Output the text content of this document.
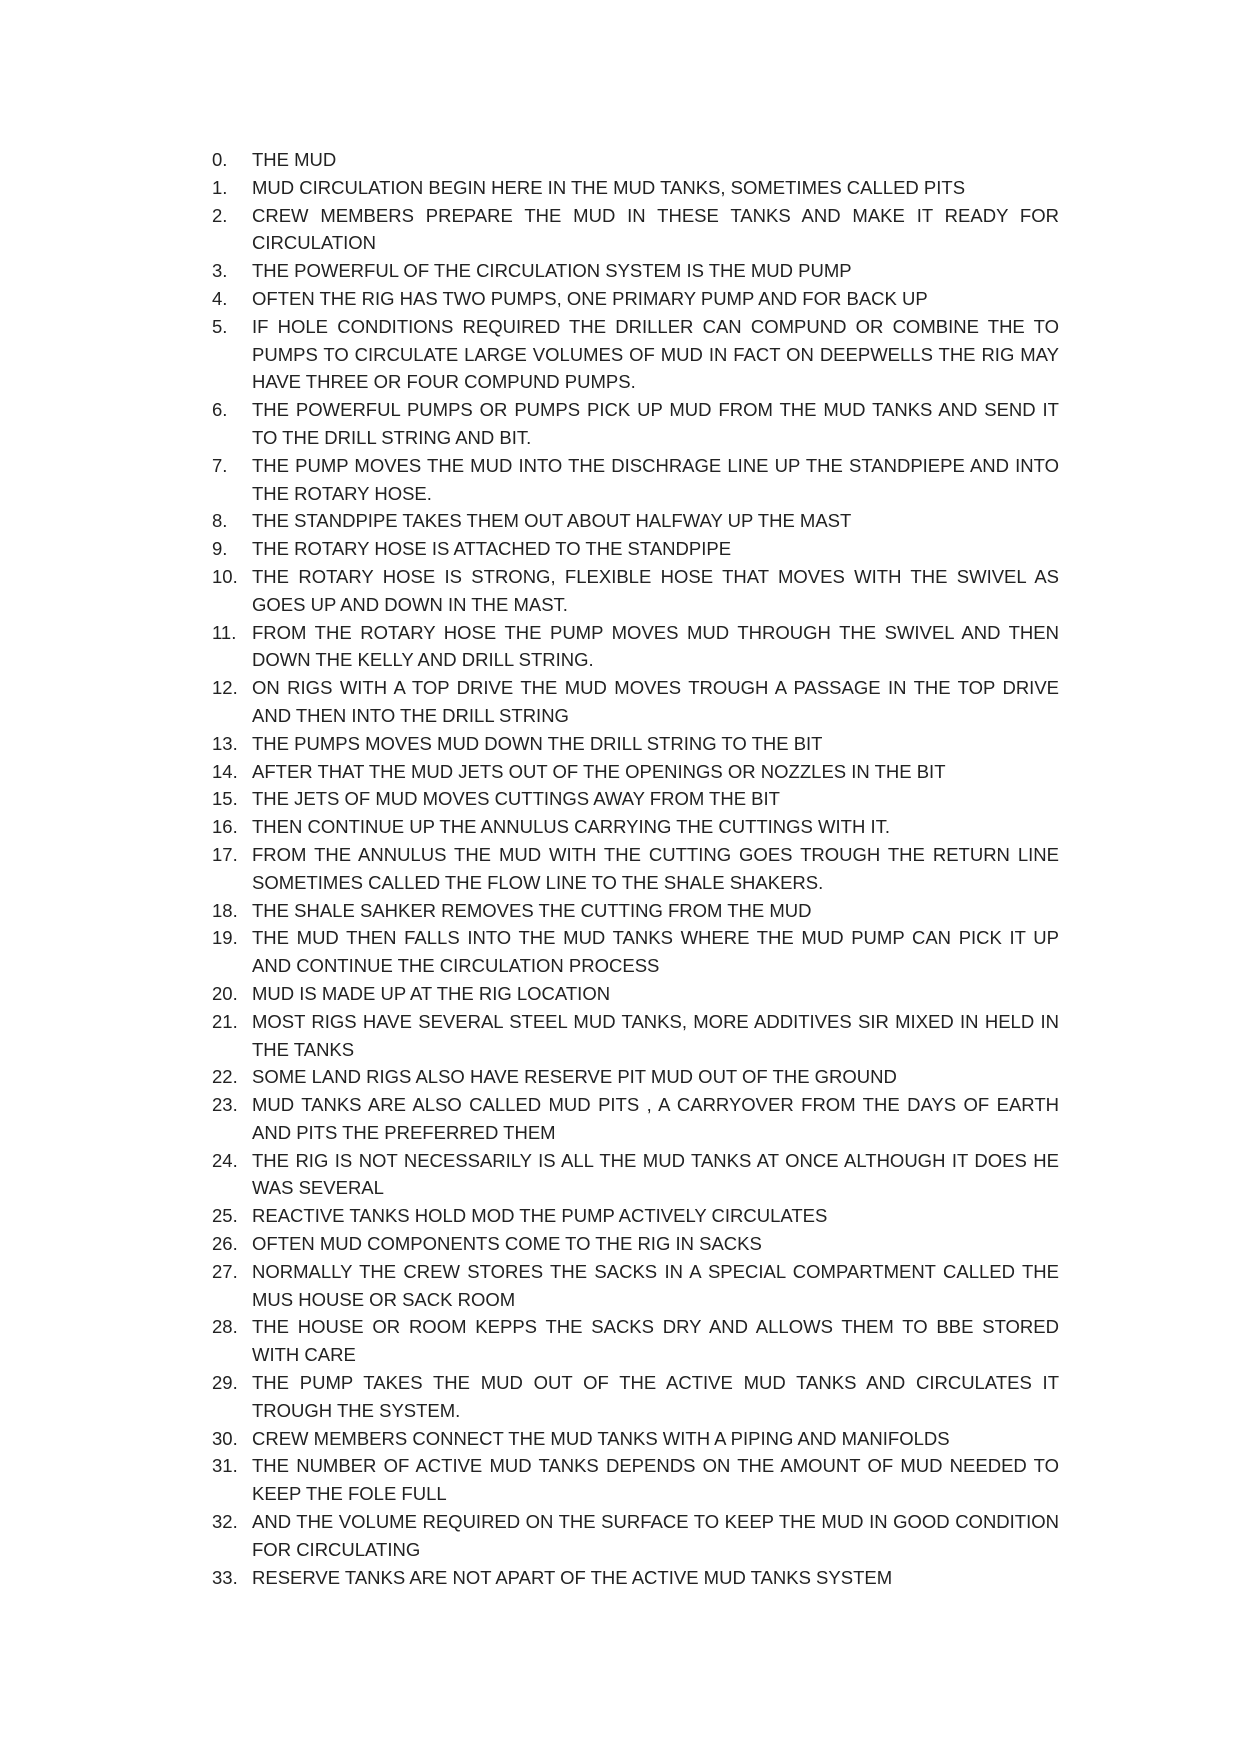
0.	THE MUD
1.	MUD CIRCULATION BEGIN HERE IN THE MUD TANKS, SOMETIMES CALLED PITS
2.	CREW MEMBERS PREPARE THE MUD IN THESE TANKS AND MAKE IT READY FOR CIRCULATION
3.	THE POWERFUL OF THE CIRCULATION SYSTEM IS THE MUD PUMP
4.	OFTEN THE RIG HAS TWO PUMPS, ONE PRIMARY PUMP AND FOR BACK UP
5.	IF HOLE CONDITIONS REQUIRED THE DRILLER CAN COMPUND OR COMBINE THE TO PUMPS TO CIRCULATE LARGE VOLUMES OF MUD IN FACT ON DEEPWELLS THE RIG MAY HAVE THREE OR FOUR COMPUND PUMPS.
6.	THE POWERFUL PUMPS OR PUMPS PICK UP MUD FROM THE MUD TANKS AND SEND IT TO THE DRILL STRING AND BIT.
7.	THE PUMP MOVES THE MUD INTO THE DISCHRAGE LINE UP THE STANDPIEPE AND INTO THE ROTARY HOSE.
8.	THE STANDPIPE TAKES THEM OUT ABOUT HALFWAY UP THE MAST
9.	THE ROTARY HOSE IS ATTACHED TO THE STANDPIPE
10. THE ROTARY HOSE IS STRONG, FLEXIBLE HOSE THAT MOVES WITH THE SWIVEL AS GOES UP AND DOWN IN THE MAST.
11. FROM THE ROTARY HOSE THE PUMP MOVES MUD THROUGH THE SWIVEL AND THEN DOWN THE KELLY AND DRILL STRING.
12. ON RIGS WITH A TOP DRIVE THE MUD MOVES TROUGH A PASSAGE IN THE TOP DRIVE AND THEN INTO THE DRILL STRING
13. THE PUMPS MOVES MUD DOWN THE DRILL STRING TO THE BIT
14. AFTER THAT THE MUD JETS OUT OF THE OPENINGS OR NOZZLES IN THE BIT
15. THE JETS OF MUD MOVES CUTTINGS AWAY FROM THE BIT
16. THEN CONTINUE UP THE ANNULUS CARRYING THE CUTTINGS WITH IT.
17. FROM THE ANNULUS THE MUD WITH THE CUTTING GOES TROUGH THE RETURN LINE SOMETIMES CALLED THE FLOW LINE TO THE SHALE SHAKERS.
18. THE SHALE SAHKER REMOVES THE CUTTING FROM THE MUD
19. THE MUD THEN FALLS INTO THE MUD TANKS WHERE THE MUD PUMP CAN PICK IT UP AND CONTINUE THE CIRCULATION PROCESS
20. MUD IS MADE UP AT THE RIG LOCATION
21. MOST RIGS HAVE SEVERAL STEEL MUD TANKS, MORE ADDITIVES SIR MIXED IN HELD IN THE TANKS
22. SOME LAND RIGS ALSO HAVE RESERVE PIT MUD OUT OF THE GROUND
23. MUD TANKS ARE ALSO CALLED MUD PITS , A CARRYOVER FROM THE DAYS OF EARTH AND PITS THE PREFERRED THEM
24. THE RIG IS NOT NECESSARILY IS ALL THE MUD TANKS AT ONCE ALTHOUGH IT DOES HE WAS SEVERAL
25. REACTIVE TANKS HOLD MOD THE PUMP ACTIVELY CIRCULATES
26. OFTEN MUD COMPONENTS COME TO THE RIG IN SACKS
27. NORMALLY THE CREW STORES THE SACKS IN A SPECIAL COMPARTMENT CALLED THE MUS HOUSE OR SACK ROOM
28. THE HOUSE OR ROOM KEPPS THE SACKS DRY AND ALLOWS THEM TO BBE STORED WITH CARE
29. THE PUMP TAKES THE MUD OUT OF THE ACTIVE MUD TANKS AND CIRCULATES IT TROUGH THE SYSTEM.
30. CREW MEMBERS CONNECT THE MUD TANKS WITH A PIPING AND MANIFOLDS
31. THE NUMBER OF ACTIVE MUD TANKS DEPENDS ON THE AMOUNT OF MUD NEEDED TO KEEP THE FOLE FULL
32. AND THE VOLUME REQUIRED ON THE SURFACE TO KEEP THE MUD IN GOOD CONDITION FOR CIRCULATING
33. RESERVE TANKS ARE NOT APART OF THE ACTIVE MUD TANKS SYSTEM
